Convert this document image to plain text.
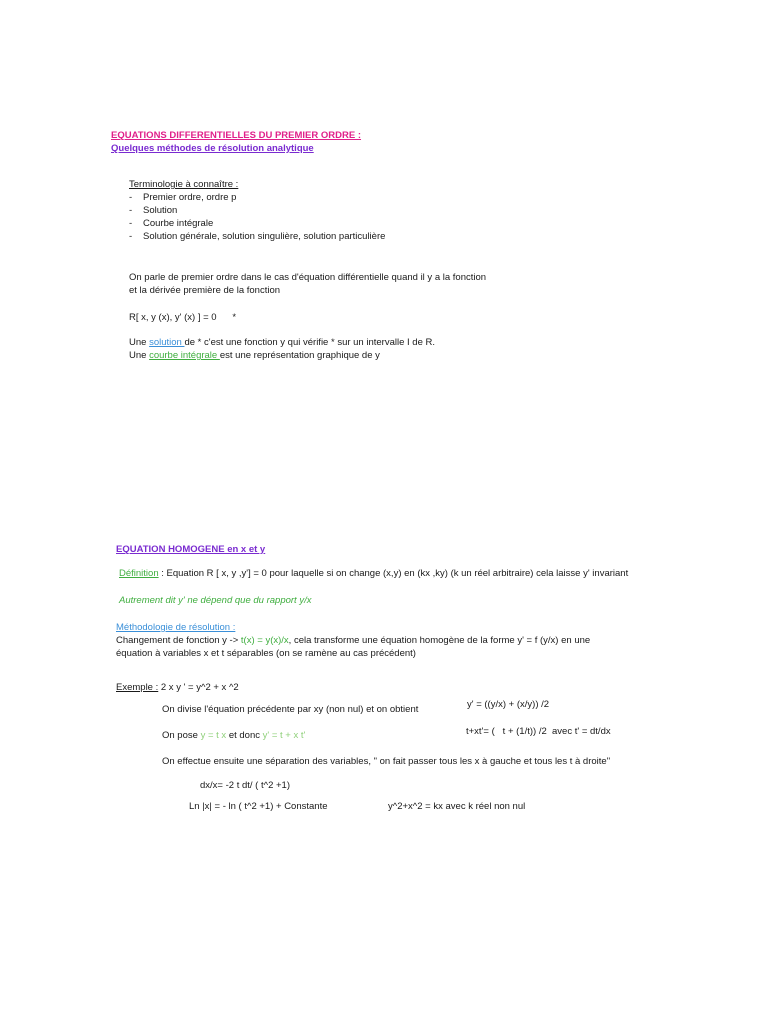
EQUATIONS DIFFERENTIELLES DU PREMIER ORDRE :
Quelques méthodes de résolution analytique
Terminologie à connaître :
- Premier ordre, ordre p
- Solution
- Courbe intégrale
- Solution générale, solution singulière, solution particulière
On parle de premier ordre dans le cas d'équation différentielle quand il y a la fonction
et la dérivée première de la fonction
R[ x, y (x), y' (x) ] = 0      *
Une solution de * c'est une fonction y qui vérifie * sur un intervalle I de R.
Une courbe intégrale est une représentation graphique de y
EQUATION HOMOGENE en x et y
Définition : Equation R [ x, y ,y'] = 0 pour laquelle si on change (x,y) en (kx ,ky) (k un réel arbitraire) cela laisse y' invariant
Autrement dit y' ne dépend que du rapport y/x
Méthodologie de résolution :
Changement de fonction y -> t(x) = y(x)/x, cela transforme une équation homogène de la forme y' = f (y/x) en une
équation à variables x et t séparables (on se ramène au cas précédent)
Exemple : 2 x y ' = y^2 + x ^2
On divise l'équation précédente par xy (non nul) et on obtient	y' = ((y/x) + (x/y)) /2
On pose y = t x et donc y' = t + x t'	t+xt'= (   t + (1/t)) /2  avec t' = dt/dx
On effectue ensuite une séparation des variables, " on fait passer tous les x à gauche et tous les t à droite"
dx/x= -2 t dt/ ( t^2 +1)
Ln |x| = - ln ( t^2 +1) + Constante	y^2+x^2 = kx avec k réel non nul
